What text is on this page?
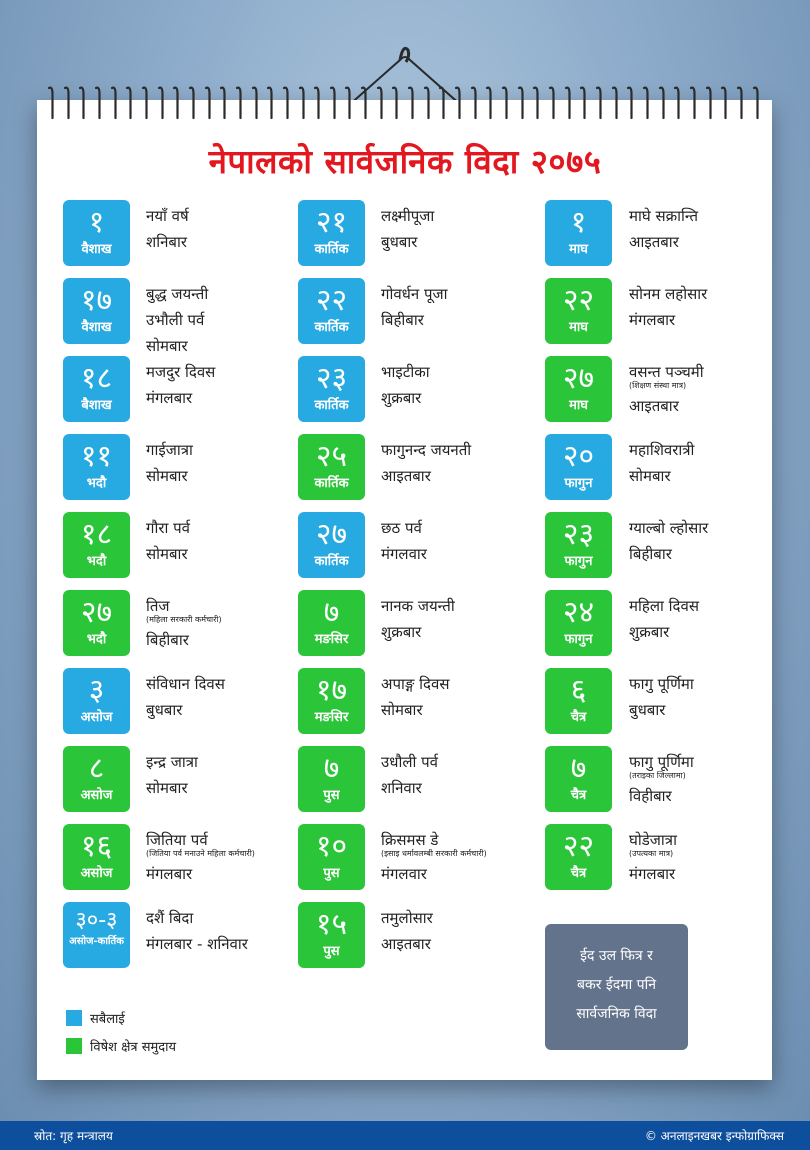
नेपालको सार्वजनिक विदा २०७५
१
वैशाख
नयाँ वर्ष
शनिबार
१७
वैशाख
बुद्ध जयन्ती
उभौली पर्व
सोमबार
१८
बैशाख
मजदुर दिवस
मंगलबार
११
भदौ
गाईजात्रा
सोमबार
१८
भदौ
गौरा पर्व
सोमबार
२७
भदौ
तिज
(महिला सरकारी कर्मचारी)
बिहीबार
३
असोज
संविधान दिवस
बुधबार
८
असोज
इन्द्र जात्रा
सोमबार
१६
असोज
जितिया पर्व
(जितिया पर्व मनाउने महिला कर्मचारी)
मंगलबार
३०-३
असोज-कार्तिक
दशैं बिदा
मंगलबार - शनिवार
२१
कार्तिक
लक्ष्मीपूजा
बुधबार
२२
कार्तिक
गोवर्धन पूजा
बिहीबार
२३
कार्तिक
भाइटीका
शुक्रबार
२५
कार्तिक
फागुनन्द जयनती
आइतबार
२७
कार्तिक
छठ पर्व
मंगलवार
७
मङसिर
नानक जयन्ती
शुक्रबार
१७
मङसिर
अपाङ्ग दिवस
सोमबार
७
पुस
उधौली पर्व
शनिवार
१०
पुस
क्रिसमस डे
(इसाइ धर्मावलम्बी सरकारी कर्मचारी)
मंगलवार
१५
पुस
तमुलोसार
आइतबार
१
माघ
माघे सक्रान्ति
आइतबार
२२
माघ
सोनम लहोसार
मंगलबार
२७
माघ
वसन्त पञ्चमी
(शिक्षण संस्था मात्र)
आइतबार
२०
फागुन
महाशिवरात्री
सोमबार
२३
फागुन
ग्याल्बो ल्होसार
बिहीबार
२४
फागुन
महिला दिवस
शुक्रबार
६
चैत्र
फागु पूर्णिमा
बुधबार
७
चैत्र
फागु पूर्णिमा
(तराइका जिल्लामा)
विहीबार
२२
चैत्र
घोडेजात्रा
(उपत्यका मात्र)
मंगलबार
ईद उल फित्र र
बकर ईदमा पनि
सार्वजनिक विदा
सबैलाई
विषेश क्षेत्र समुदाय
स्रोत: गृह मन्त्रालय	© अनलाइनखबर इन्फोग्राफिक्स
